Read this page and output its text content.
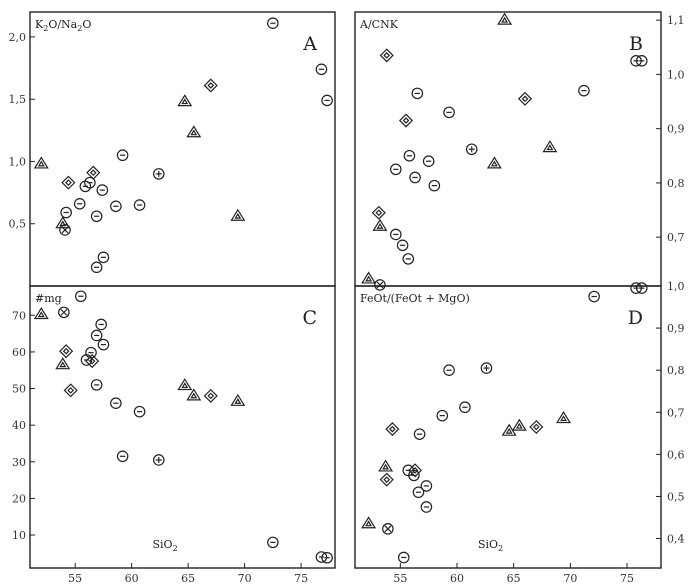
0,5
1,0
1,5
2,0
$K_2O/Na_2O$
A
0,7
0,8
0,9
1,0
1,1
A/CNK
B
10
20
30
40
50
60
70
55	60	65	70	75
#mg
C
SiO$_2$
0,4
0,5
0,6
0,7
0,8
0,9
1,0
55	60	65	70	75
FeOt/(FeOt + MgO)
D
SiO$_2$
